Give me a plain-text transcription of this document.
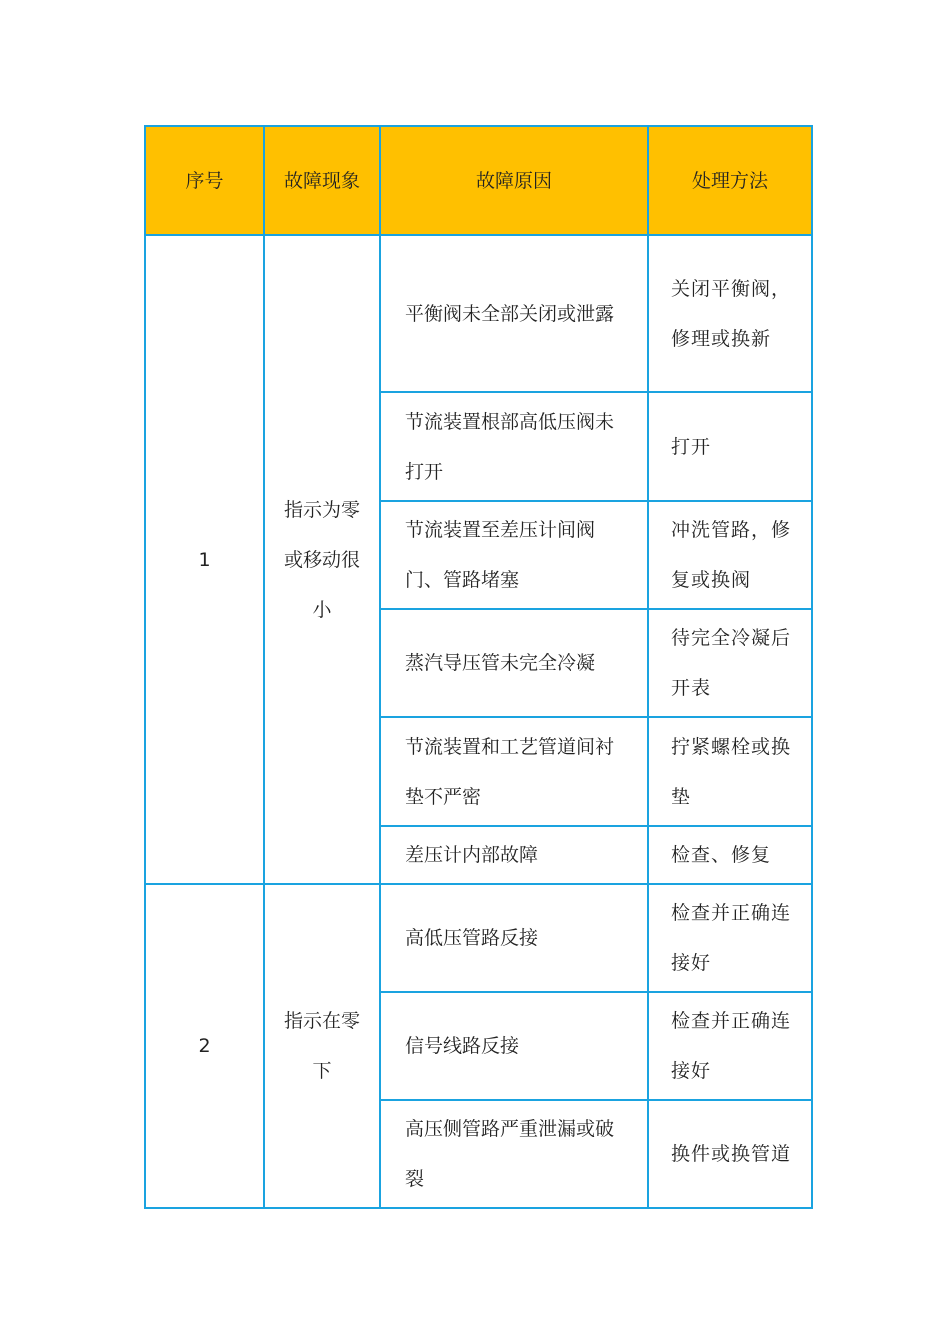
序号	故障现象	故障原因	处理方法
1	指示为零或移动很小	平衡阀未全部关闭或泄露	关闭平衡阀，修理或换新
		节流装置根部高低压阀未打开	打开
		节流装置至差压计间阀门、管路堵塞	冲洗管路，修复或换阀
		蒸汽导压管未完全冷凝	待完全冷凝后开表
		节流装置和工艺管道间衬垫不严密	拧紧螺栓或换垫
		差压计内部故障	检查、修复
2	指示在零下	高低压管路反接	检查并正确连接好
		信号线路反接	检查并正确连接好
		高压侧管路严重泄漏或破裂	换件或换管道
